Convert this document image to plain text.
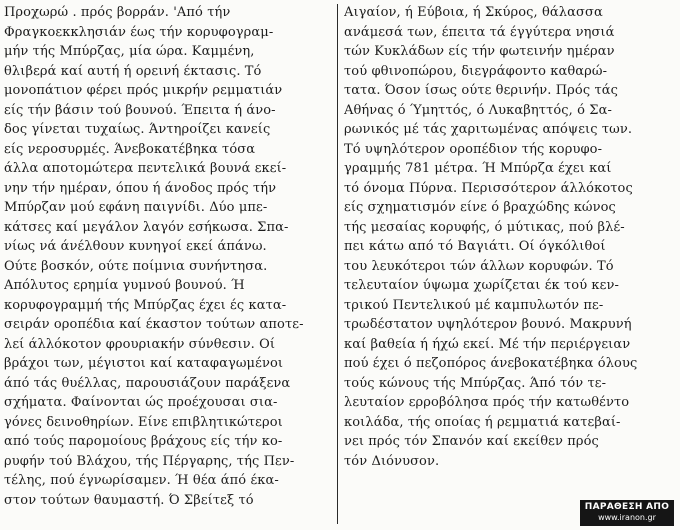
Προχωρώ . πρός βορράν. 'Από τήν
Φραγκοεκκλησιάν έως τήν κορυφογραμ-
μήν τής Μπύρζας, μία ώρα. Καμμένη,
θλιβερά καί αυτή ή ορεινή έκτασις. Τό
μονοπάτιον φέρει πρός μικρήν ρεμματιάν
είς τήν βάσιν τού βουνού. Έπειτα ή άνο-
δος γίνεται τυχαίως. Άντηροίζει κανείς
είς νεροσυρμές. Άνεβοκατέβηκα τόσα
άλλα αποτομώτερα πεντελικά βουνά εκεί-
νην τήν ημέραν, όπου ή άνοδος πρός τήν
Μπύρζαν μού εφάνη παιγνίδι. Δύο μπε-
κάτσες καί μεγάλον λαγόν εσήκωσα. Σπα-
νίως νά άνέλθουν κυνηγοί εκεί άπάνω.
Ούτε βοσκόν, ούτε ποίμνια συνήντησα.
Απόλυτος ερημία γυμνού βουνού. Ή
κορυφογραμμή τής Μπύρζας έχει ές κατα-
σειράν οροπέδια καί έκαστον τούτων αποτε-
λεί άλλόκοτον φρουριακήν σύνθεσιν. Οί
βράχοι των, μέγιστοι καί καταφαγωμένοι
άπό τάς θυέλλας, παρουσιάζουν παράξενα
σχήματα. Φαίνονται ώς προέχουσαι σια-
γόνες δεινοθηρίων. Είνε επιβλητικώτεροι
από τούς παρομοίους βράχους είς τήν κο-
ρυφήν τού Βλάχου, τής Πέργαρης, τής Πεν-
τέλης, πού έγνωρίσαμεν. Ή θέα άπό έκα-
στον τούτων θαυμαστή. Ό Σβείτεξ τό
Αιγαίον, ή Εύβοια, ή Σκύρος, θάλασσα
ανάμεσά των, έπειτα τά έγγύτερα νησιά
τών Κυκλάδων είς τήν φωτεινήν ημέραν
τού φθινοπώρου, διεγράφοντο καθαρώ-
τατα. Όσον ίσως ούτε θερινήν. Πρός τάς
Αθήνας ό Ύμηττός, ό Λυκαβηττός, ό Σα-
ρωνικός μέ τάς χαριτωμένας απόψεις των.
Τό υψηλότερον οροπέδιον τής κορυφο-
γραμμής 781 μέτρα. Ή Μπύρζα έχει καί
τό όνομα Πύρνα. Περισσότερον άλλόκοτος
είς σχηματισμόν είνε ό βραχώδης κώνος
τής μεσαίας κορυφής, ό μύτικας, πού βλέ-
πει κάτω από τό Βαγιάτι. Οί όγκόλιθοί
του λευκότεροι τών άλλων κορυφών. Τό
τελευταίον ύψωμα χωρίζεται έκ τού κεν-
τρικού Πεντελικού μέ καμπυλωτόν πε-
τρωδέστατον υψηλότερον βουνό. Μακρυνή
καί βαθεία ή ήχώ εκεί. Μέ τήν περιέργειαν
πού έχει ό πεζοπόρος άνεβοκατέβηκα όλους
τούς κώνους τής Μπύρζας. Άπό τόν τε-
λευταίον ερροβόλησα πρός τήν κατωθέντο
κοιλάδα, τής οποίας ή ρεμματιά κατεβαί-
νει πρός τόν Σπανόν καί εκείθεν πρός
τόν Διόνυσον.
ΠΑΡΑΘΕΣΗ ΑΠΟ
www.iranon.gr
